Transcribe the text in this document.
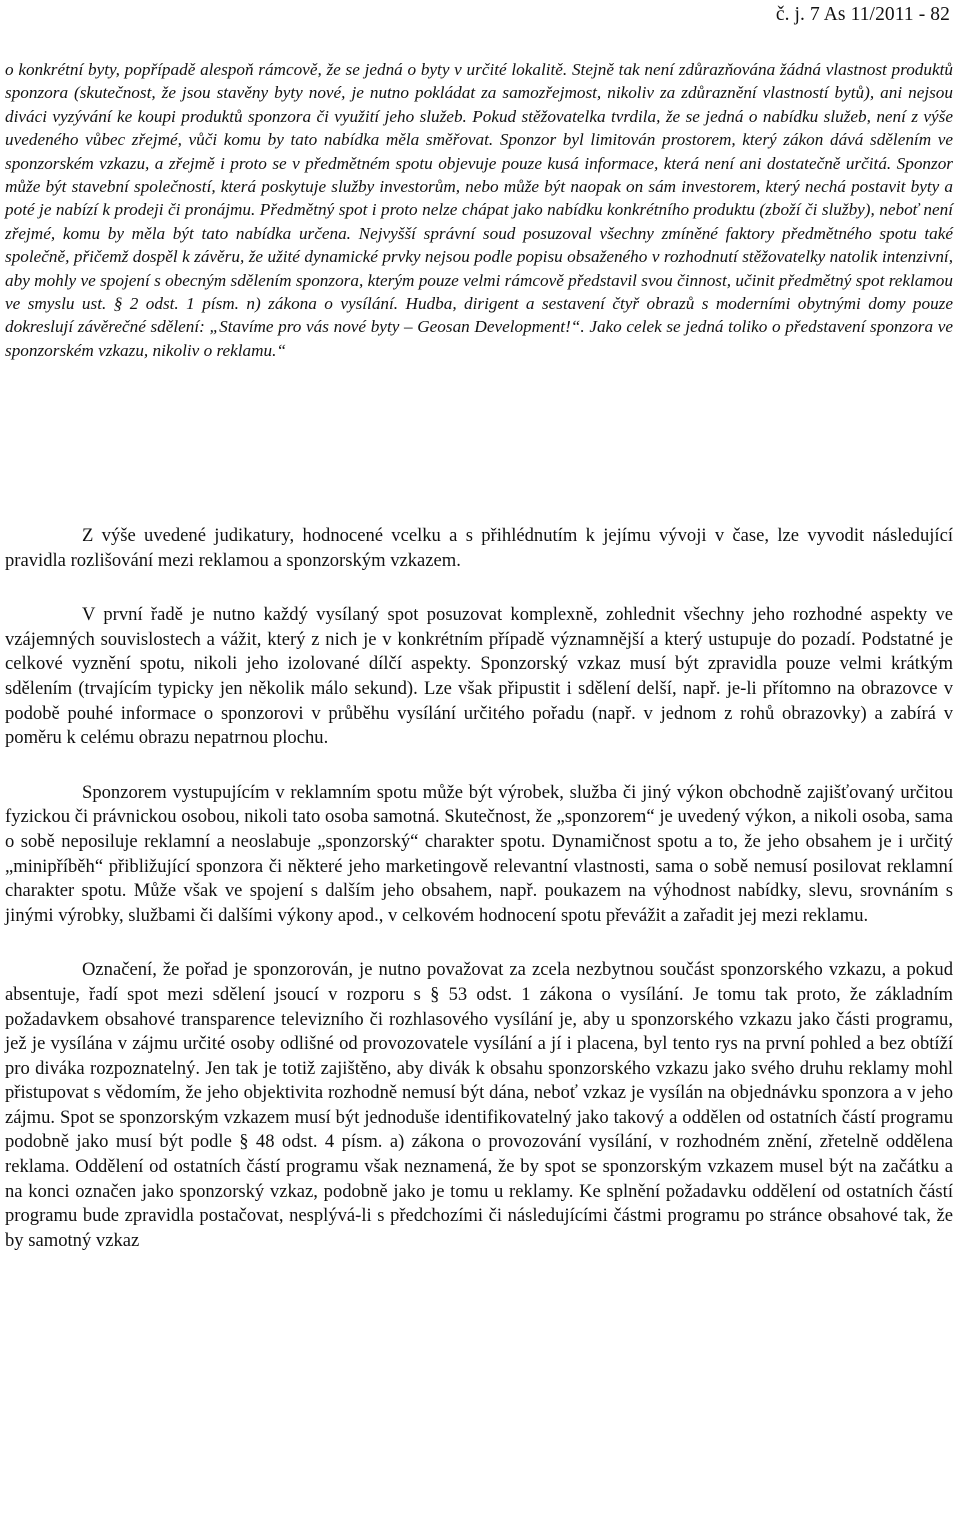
č. j. 7 As 11/2011 - 82

o konkrétní byty, popřípadě alespoň rámcově, že se jedná o byty v určité lokalitě. Stejně tak není zdůrazňována žádná vlastnost produktů sponzora (skutečnost, že jsou stavěny byty nové, je nutno pokládat za samozřejmost, nikoliv za zdůraznění vlastností bytů), ani nejsou diváci vyzývání ke koupi produktů sponzora či využití jeho služeb. Pokud stěžovatelka tvrdila, že se jedná o nabídku služeb, není z výše uvedeného vůbec zřejmé, vůči komu by tato nabídka měla směřovat. Sponzor byl limitován prostorem, který zákon dává sdělením ve sponzorském vzkazu, a zřejmě i proto se v předmětném spotu objevuje pouze kusá informace, která není ani dostatečně určitá. Sponzor může být stavební společností, která poskytuje služby investorům, nebo může být naopak on sám investorem, který nechá postavit byty a poté je nabízí k prodeji či pronájmu. Předmětný spot i proto nelze chápat jako nabídku konkrétního produktu (zboží či služby), neboť není zřejmé, komu by měla být tato nabídka určena. Nejvyšší správní soud posuzoval všechny zmíněné faktory předmětného spotu také společně, přičemž dospěl k závěru, že užité dynamické prvky nejsou podle popisu obsaženého v rozhodnutí stěžovatelky natolik intenzivní, aby mohly ve spojení s obecným sdělením sponzora, kterým pouze velmi rámcově představil svou činnost, učinit předmětný spot reklamou ve smyslu ust. § 2 odst. 1 písm. n) zákona o vysílání. Hudba, dirigent a sestavení čtyř obrazů s moderními obytnými domy pouze dokreslují závěrečné sdělení: „Stavíme pro vás nové byty – Geosan Development!“. Jako celek se jedná toliko o představení sponzora ve sponzorském vzkazu, nikoliv o reklamu.“

Z výše uvedené judikatury, hodnocené vcelku a s přihlédnutím k jejímu vývoji v čase, lze vyvodit následující pravidla rozlišování mezi reklamou a sponzorským vzkazem.

V první řadě je nutno každý vysílaný spot posuzovat komplexně, zohlednit všechny jeho rozhodné aspekty ve vzájemných souvislostech a vážit, který z nich je v konkrétním případě významnější a který ustupuje do pozadí. Podstatné je celkové vyznění spotu, nikoli jeho izolované dílčí aspekty. Sponzorský vzkaz musí být zpravidla pouze velmi krátkým sdělením (trvajícím typicky jen několik málo sekund). Lze však připustit i sdělení delší, např. je-li přítomno na obrazovce v podobě pouhé informace o sponzorovi v průběhu vysílání určitého pořadu (např. v jednom z rohů obrazovky) a zabírá v poměru k celému obrazu nepatrnou plochu.

Sponzorem vystupujícím v reklamním spotu může být výrobek, služba či jiný výkon obchodně zajišťovaný určitou fyzickou či právnickou osobou, nikoli tato osoba samotná. Skutečnost, že „sponzorem“ je uvedený výkon, a nikoli osoba, sama o sobě neposiluje reklamní a neoslabuje „sponzorský“ charakter spotu. Dynamičnost spotu a to, že jeho obsahem je i určitý „minipříběh“ přibližující sponzora či některé jeho marketingově relevantní vlastnosti, sama o sobě nemusí posilovat reklamní charakter spotu. Může však ve spojení s dalším jeho obsahem, např. poukazem na výhodnost nabídky, slevu, srovnáním s jinými výrobky, službami či dalšími výkony apod., v celkovém hodnocení spotu převážit a zařadit jej mezi reklamu.

Označení, že pořad je sponzorován, je nutno považovat za zcela nezbytnou součást sponzorského vzkazu, a pokud absentuje, řadí spot mezi sdělení jsoucí v rozporu s § 53 odst. 1 zákona o vysílání. Je tomu tak proto, že základním požadavkem obsahové transparence televizního či rozhlasového vysílání je, aby u sponzorského vzkazu jako části programu, jež je vysílána v zájmu určité osoby odlišné od provozovatele vysílání a jí i placena, byl tento rys na první pohled a bez obtíží pro diváka rozpoznatelný. Jen tak je totiž zajištěno, aby divák k obsahu sponzorského vzkazu jako svého druhu reklamy mohl přistupovat s vědomím, že jeho objektivita rozhodně nemusí být dána, neboť vzkaz je vysílán na objednávku sponzora a v jeho zájmu. Spot se sponzorským vzkazem musí být jednoduše identifikovatelný jako takový a oddělen od ostatních částí programu podobně jako musí být podle § 48 odst. 4 písm. a) zákona o provozování vysílání, v rozhodném znění, zřetelně oddělena reklama. Oddělení od ostatních částí programu však neznamená, že by spot se sponzorským vzkazem musel být na začátku a na konci označen jako sponzorský vzkaz, podobně jako je tomu u reklamy. Ke splnění požadavku oddělení od ostatních částí programu bude zpravidla postačovat, nesplývá-li s předchozími či následujícími částmi programu po stránce obsahové tak, že by samotný vzkaz
